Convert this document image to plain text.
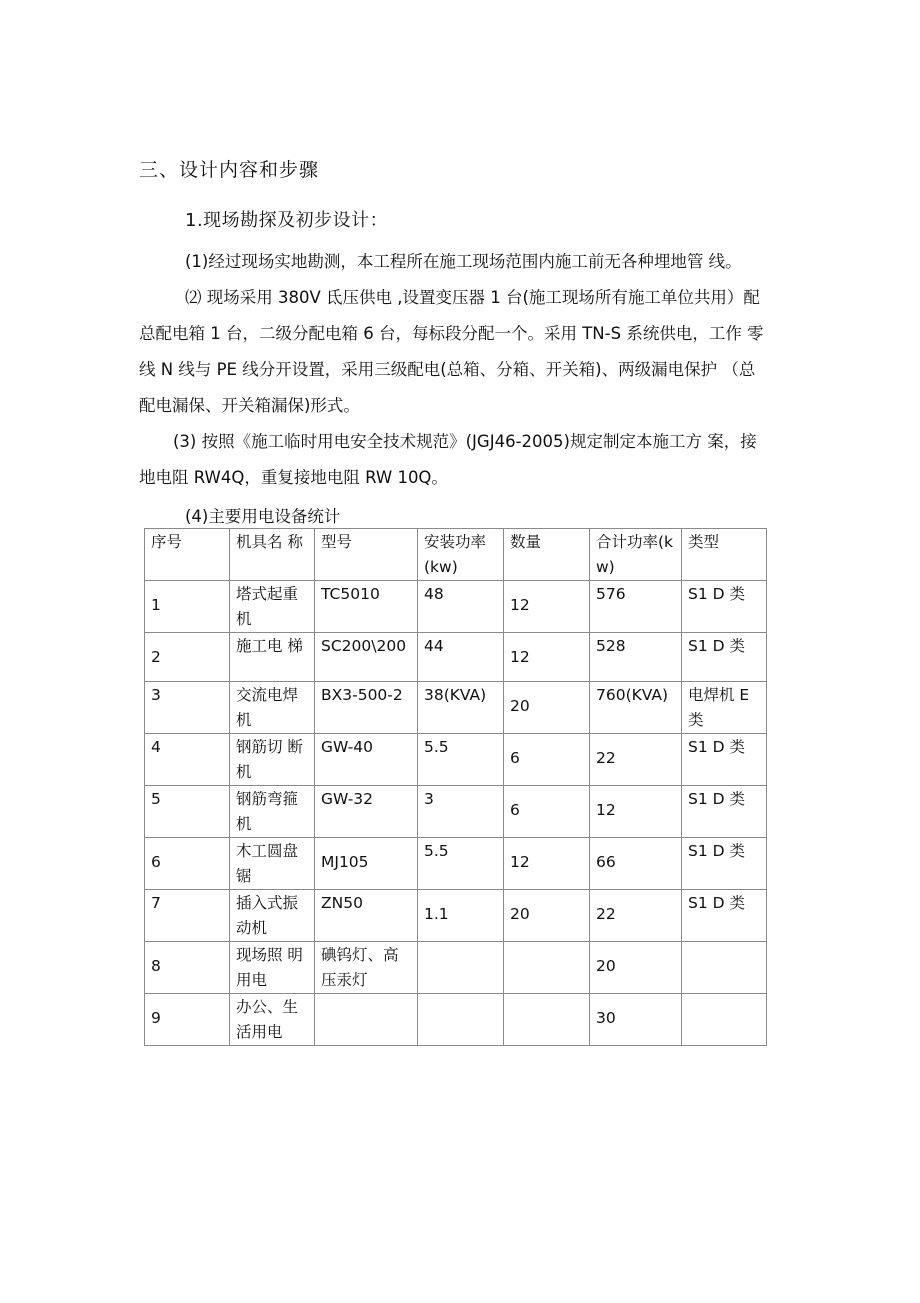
三、设计内容和步骤
1.现场勘探及初步设计：
(1)经过现场实地勘测，本工程所在施工现场范围内施工前无各种埋地管 线。
⑵ 现场采用 380V 氐压供电 ,设置变压器 1 台(施工现场所有施工单位共用）配
总配电箱 1 台，二级分配电箱 6 台，每标段分配一个。采用 TN-S 系统供电，工作 零
线 N 线与 PE 线分开设置，采用三级配电(总箱、分箱、开关箱)、两级漏电保护 （总
配电漏保、开关箱漏保)形式。
(3) 按照《施工临时用电安全技术规范》(JGJ46-2005)规定制定本施工方 案，接
地电阻 RW4Q，重复接地电阻 RW 10Q。
(4)主要用电设备统计
序号	机具名 称	型号	安装功率(kw)	数量	合计功率(kw)	类型
1	塔式起重机	TC5010	48	12	576	S1 D 类
2	施工电 梯	SC200\200	44	12	528	S1 D 类
3	交流电焊机	BX3-500-2	38(KVA)	20	760(KVA)	电焊机 E 类
4	钢筋切 断机	GW-40	5.5	6	22	S1 D 类
5	钢筋弯箍机	GW-32	3	6	12	S1 D 类
6	木工圆盘锯	MJ105	5.5	12	66	S1 D 类
7	插入式振动机	ZN50	1.1	20	22	S1 D 类
8	现场照 明用电	碘钨灯、高压汞灯			20	
9	办公、生活用电				30	
